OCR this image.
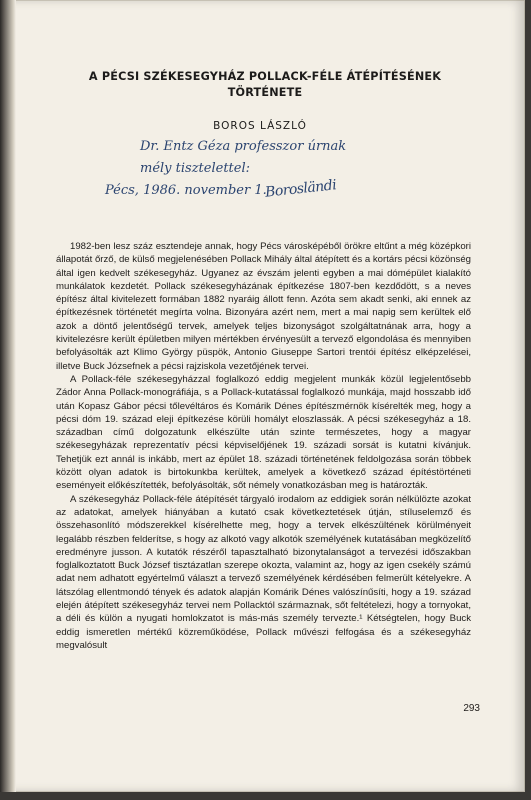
A PÉCSI SZÉKESEGYHÁZ POLLACK-FÉLE ÁTÉPÍTÉSÉNEK
TÖRTÉNETE
BOROS LÁSZLÓ
Dr. Entz Géza professzor úrnak
mély tisztelettel:
Pécs, 1986. november 1.
Borosländi

1982-ben lesz száz esztendeje annak, hogy Pécs városképéből örökre eltűnt a még középkori állapotát őrző, de külső megjelenésében Pollack Mihály által átépített és a kortárs pécsi közönség által igen kedvelt székesegyház. Ugyanez az évszám jelenti egyben a mai dómépület kialakító munkálatok kezdetét. Pollack székesegyházának építkezése 1807-ben kezdődött, s a neves építész által kivitelezett formában 1882 nyaráig állott fenn. Azóta sem akadt senki, aki ennek az építkezésnek történetét megírta volna. Bizonyára azért nem, mert a mai napig sem kerültek elő azok a döntő jelentőségű tervek, amelyek teljes bizonyságot szolgáltatnának arra, hogy a kivitelezésre került épületben milyen mértékben érvényesült a tervező elgondolása és mennyiben befolyásolták azt Klimo György püspök, Antonio Giuseppe Sartori trentói építész elképzelései, illetve Buck Józsefnek a pécsi rajziskola vezetőjének tervei.

A Pollack-féle székesegyházzal foglalkozó eddig megjelent munkák közül legjelentősebb Zádor Anna Pollack-monográfiája, s a Pollack-kutatással foglalkozó munkája, majd hosszabb idő után Kopasz Gábor pécsi tőlevéltáros és Komárik Dénes építészmérnök kísérelték meg, hogy a pécsi dóm 19. század eleji építkezése körüli homályt eloszlassák. A pécsi székesegyház a 18. században című dolgozatunk elkészülte után szinte természetes, hogy a magyar székesegyházak reprezentatív pécsi képviselőjének 19. századi sorsát is kutatni kívánjuk. Tehetjük ezt annál is inkább, mert az épület 18. századi történetének feldolgozása során többek között olyan adatok is birtokunkba kerültek, amelyek a következő század építéstörténeti eseményeit előkészítették, befolyásolták, sőt némely vonatkozásban meg is határozták.

A székesegyház Pollack-féle átépítését tárgyaló irodalom az eddigiek során nélkülözte azokat az adatokat, amelyek hiányában a kutató csak következtetések útján, stíluselemző és összehasonlító módszerekkel kísérelhette meg, hogy a tervek elkészültének körülményeit legalább részben felderítse, s hogy az alkotó vagy alkotók személyének kutatásában megközelítő eredményre jusson. A kutatók részéről tapasztalható bizonytalanságot a tervezési időszakban foglalkoztatott Buck József tisztázatlan szerepe okozta, valamint az, hogy az igen csekély számú adat nem adhatott egyértelmű választ a tervező személyének kérdésében felmerült kételyekre. A látszólag ellentmondó tények és adatok alapján Komárik Dénes valószínűsíti, hogy a 19. század elején átépített székesegyház tervei nem Pollacktól származnak, sőt feltételezi, hogy a tornyokat, a déli és külön a nyugati homlokzatot is más-más személy tervezte.¹ Kétségtelen, hogy Buck eddig ismeretlen mértékű közreműködése, Pollack művészi felfogása és a székesegyház megvalósult

293
